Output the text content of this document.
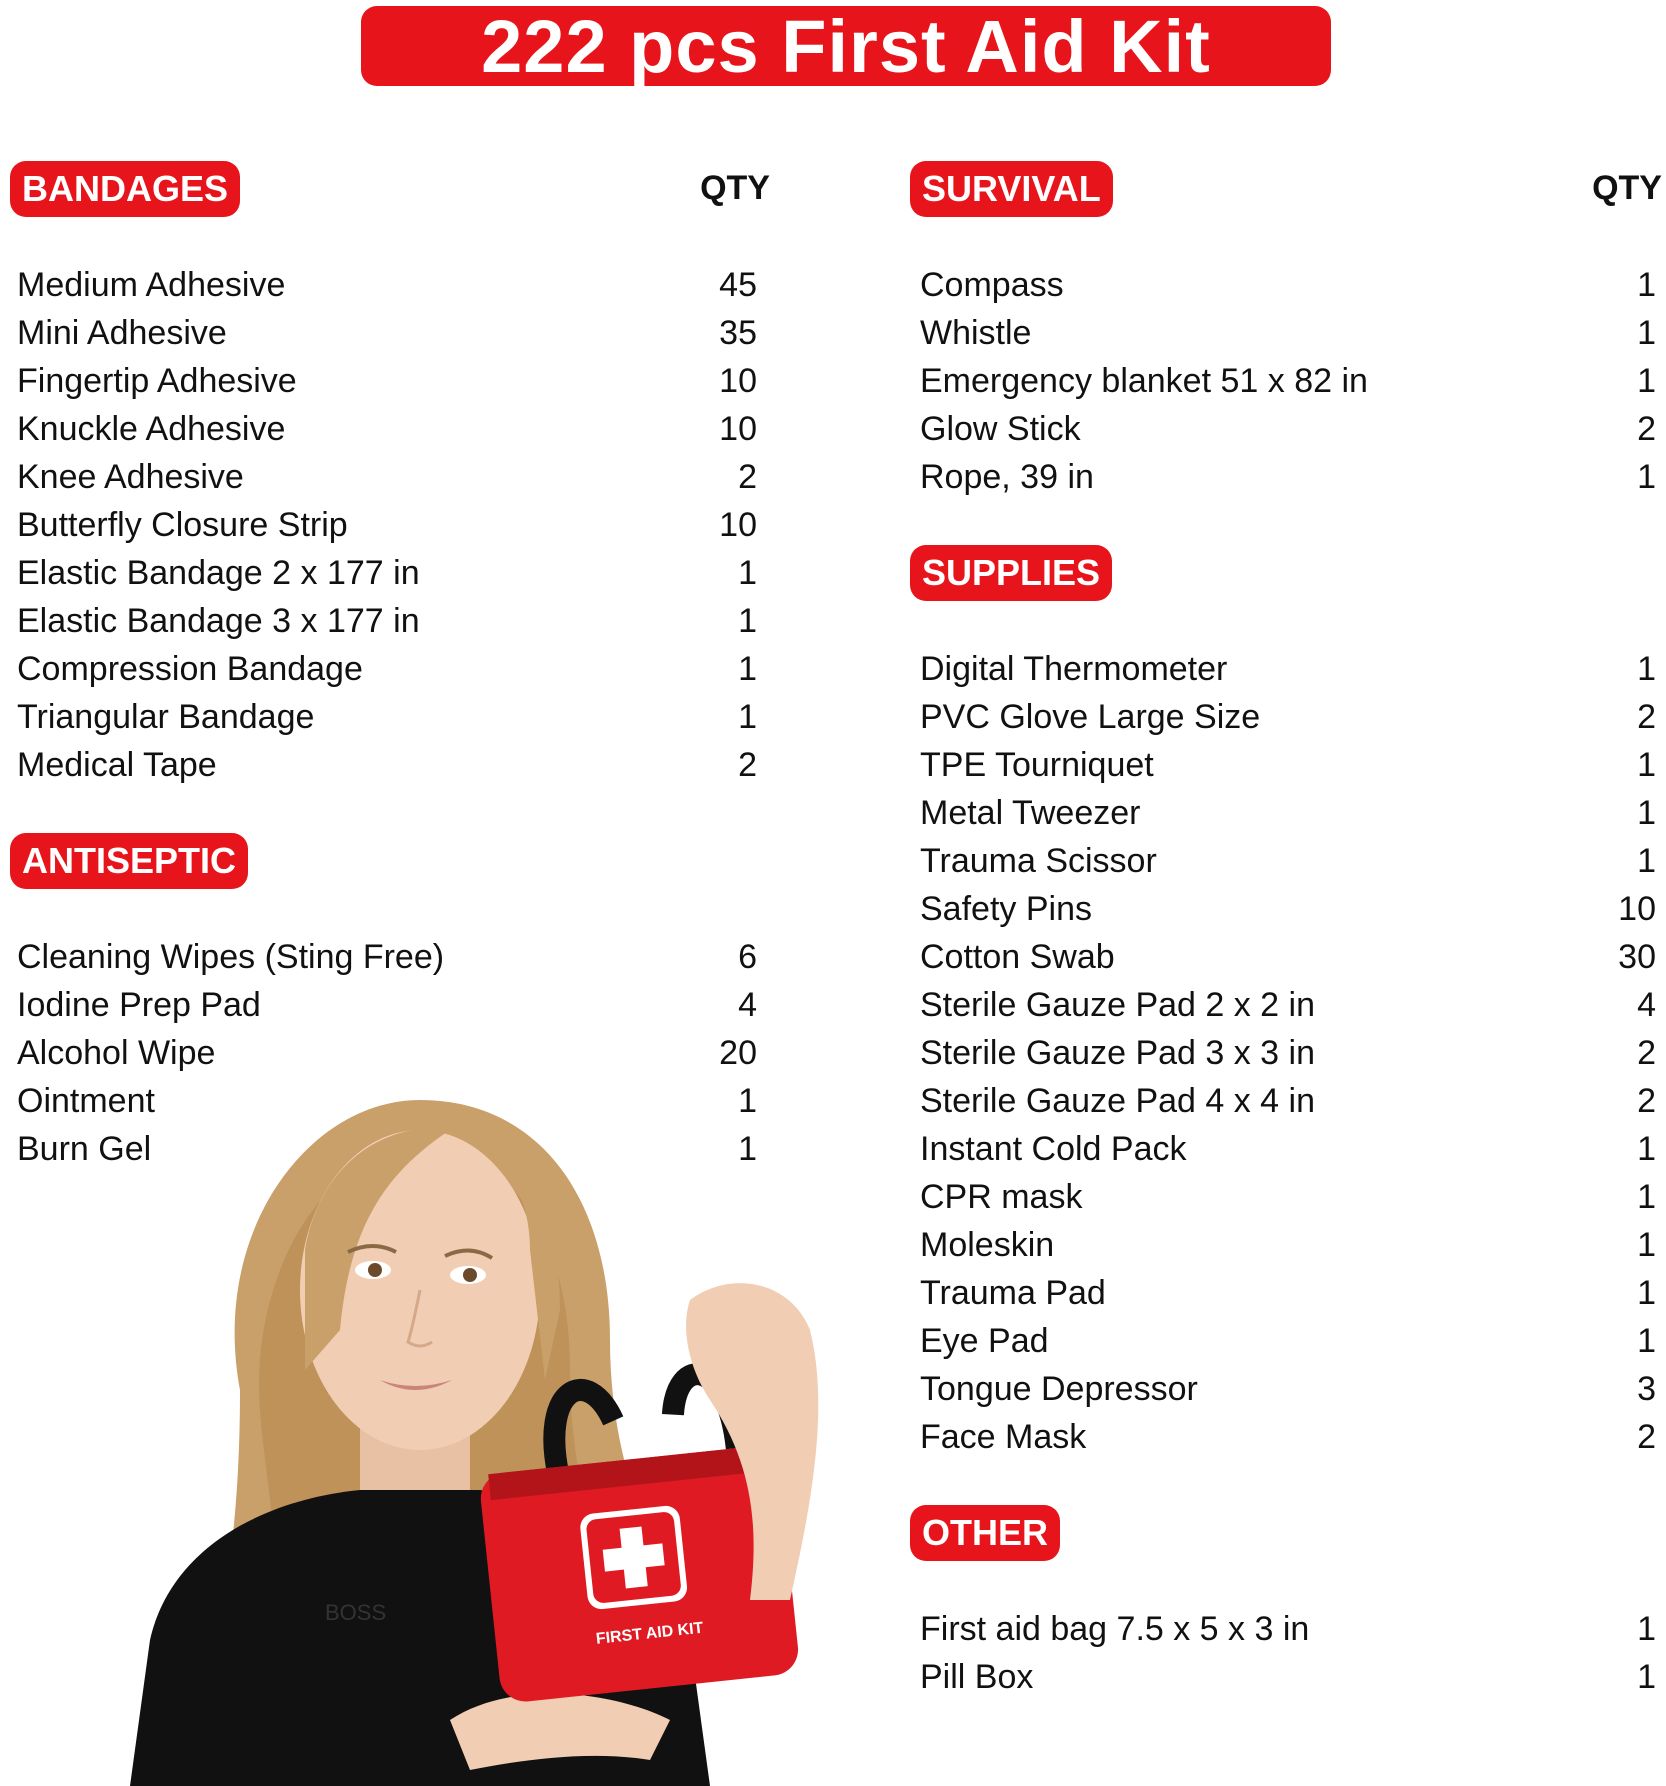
222 pcs First Aid Kit
BANDAGES	QTY
Medium Adhesive	45
Mini Adhesive	35
Fingertip Adhesive	10
Knuckle Adhesive	10
Knee Adhesive	2
Butterfly Closure Strip	10
Elastic Bandage 2 x 177 in	1
Elastic Bandage 3 x 177 in	1
Compression Bandage	1
Triangular Bandage	1
Medical Tape	2
ANTISEPTIC
Cleaning Wipes (Sting Free)	6
Iodine Prep Pad	4
Alcohol Wipe	20
Ointment	1
Burn Gel	1
SURVIVAL	QTY
Compass	1
Whistle	1
Emergency blanket 51 x 82 in	1
Glow Stick	2
Rope, 39 in	1
SUPPLIES
Digital Thermometer	1
PVC Glove Large Size	2
TPE Tourniquet	1
Metal Tweezer	1
Trauma Scissor	1
Safety Pins	10
Cotton Swab	30
Sterile Gauze Pad 2 x 2 in	4
Sterile Gauze Pad 3 x 3 in	2
Sterile Gauze Pad 4 x 4 in	2
Instant Cold Pack	1
CPR mask	1
Moleskin	1
Trauma Pad	1
Eye Pad	1
Tongue Depressor	3
Face Mask	2
OTHER
First aid bag 7.5 x 5 x 3 in	1
Pill Box	1
BOSS
FIRST AID KIT
